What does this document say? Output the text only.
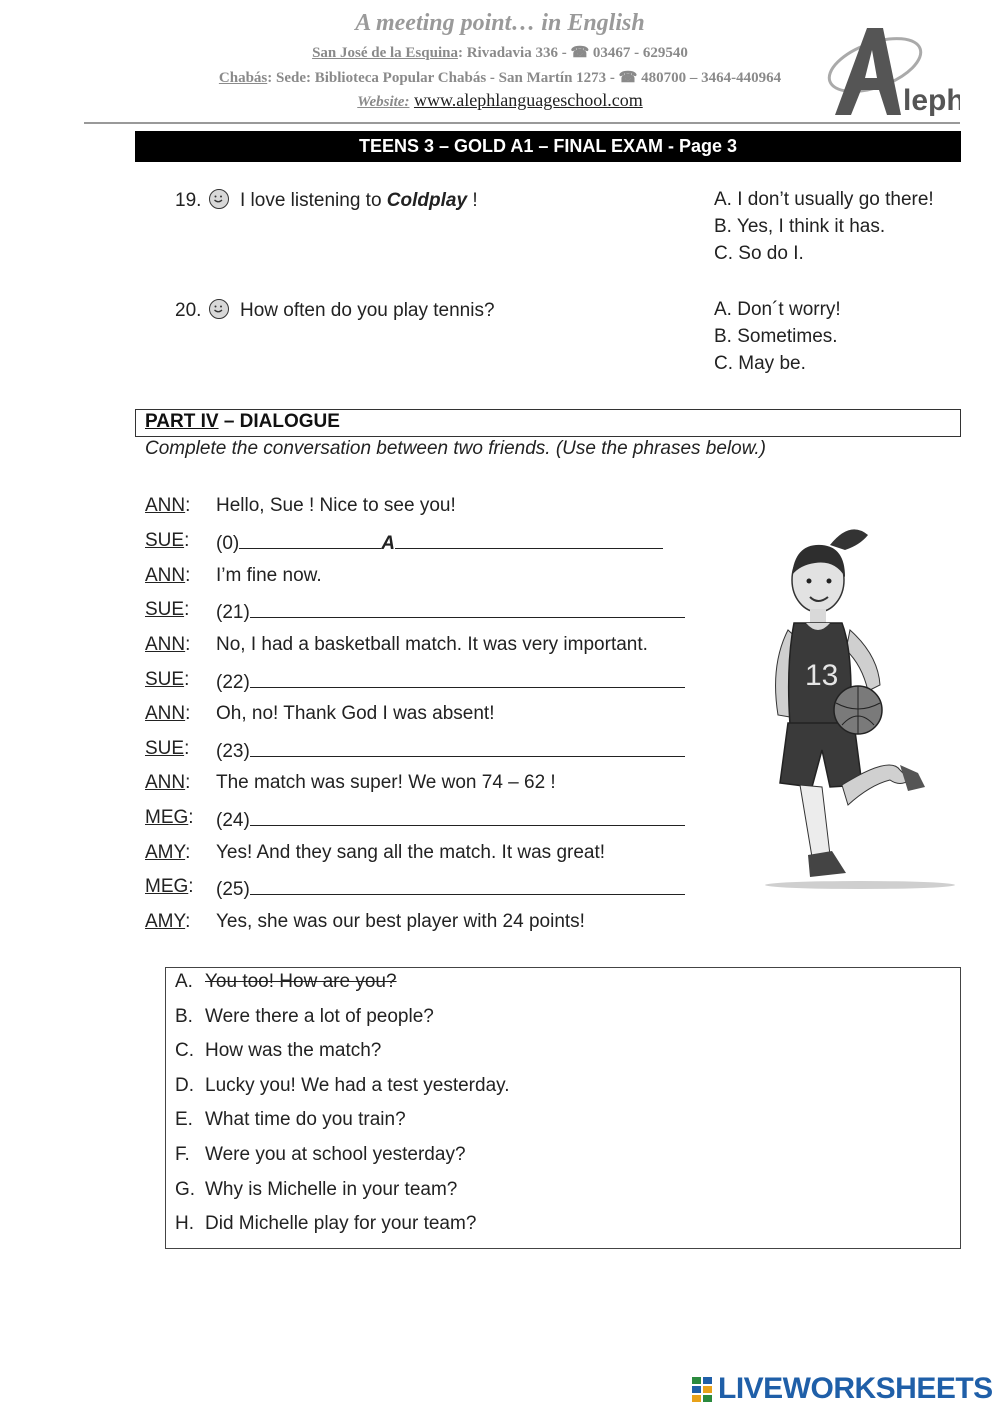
A meeting point… in English
San José de la Esquina: Rivadavia 336 - ☎ 03467 - 629540
Chabás: Sede: Biblioteca Popular Chabás - San Martín 1273 - ☎ 480700 – 3464-440964
Website: www.alephlanguageschool.com	leph
TEENS 3 – GOLD A1 – FINAL EXAM - Page 3
19. I love listening to Coldplay !	A. I don’t usually go there!
B. Yes, I think it has.
C. So do I.
20. How often do you play tennis?	A. Don´t worry!
B. Sometimes.
C. May be.
PART IV – DIALOGUE
Complete the conversation between two friends. (Use the phrases below.)
ANN: Hello, Sue ! Nice to see you!
SUE: (0)	A
ANN: I’m fine now.
SUE: (21)
ANN: No, I had a basketball match. It was very important.
SUE: (22)
ANN: Oh, no! Thank God I was absent!
SUE: (23)
ANN: The match was super! We won 74 – 62 !
MEG: (24)
AMY: Yes! And they sang all the match. It was great!
MEG: (25)
AMY: Yes, she was our best player with 24 points!
13
A. You too! How are you?
B. Were there a lot of people?
C. How was the match?
D. Lucky you! We had a test yesterday.
E. What time do you train?
F. Were you at school yesterday?
G. Why is Michelle in your team?
H. Did Michelle play for your team?
LIVEWORKSHEETS
